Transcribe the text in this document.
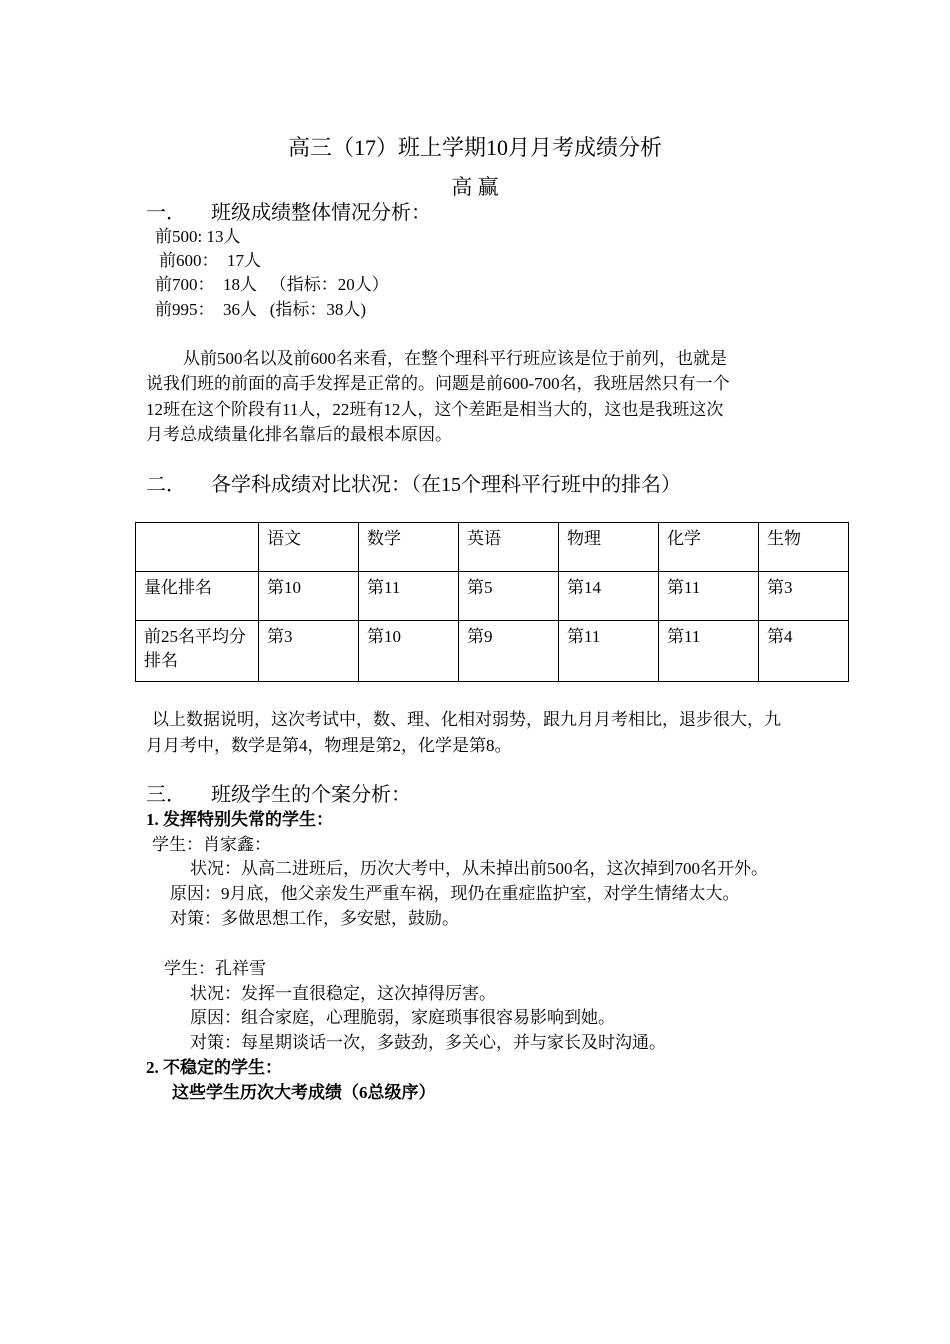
高三（17）班上学期10月月考成绩分析
高 赢
一．     班级成绩整体情况分析：
前500: 13人
前600：  17人
前700：  18人   （指标：20人）
前995：  36人   (指标：38人)
从前500名以及前600名来看，在整个理科平行班应该是位于前列，也就是
说我们班的前面的高手发挥是正常的。问题是前600-700名，我班居然只有一个
12班在这个阶段有11人，22班有12人，这个差距是相当大的，这也是我班这次
月考总成绩量化排名靠后的最根本原因。
二．     各学科成绩对比状况：（在15个理科平行班中的排名）
	语文	数学	英语	物理	化学	生物
量化排名	第10	第11	第5	第14	第11	第3
前25名平均分排名	第3	第10	第9	第11	第11	第4
以上数据说明，这次考试中，数、理、化相对弱势，跟九月月考相比，退步很大，九
月月考中，数学是第4，物理是第2，化学是第8。
三．     班级学生的个案分析：
1. 发挥特别失常的学生：
学生：肖家鑫：
状况：从高二进班后，历次大考中，从未掉出前500名，这次掉到700名开外。
原因：9月底，他父亲发生严重车祸，现仍在重症监护室，对学生情绪太大。
对策：多做思想工作，多安慰，鼓励。
学生：孔祥雪
状况：发挥一直很稳定，这次掉得厉害。
原因：组合家庭，心理脆弱，家庭琐事很容易影响到她。
对策：每星期谈话一次，多鼓劲，多关心，并与家长及时沟通。
2. 不稳定的学生：
这些学生历次大考成绩（6总级序）
